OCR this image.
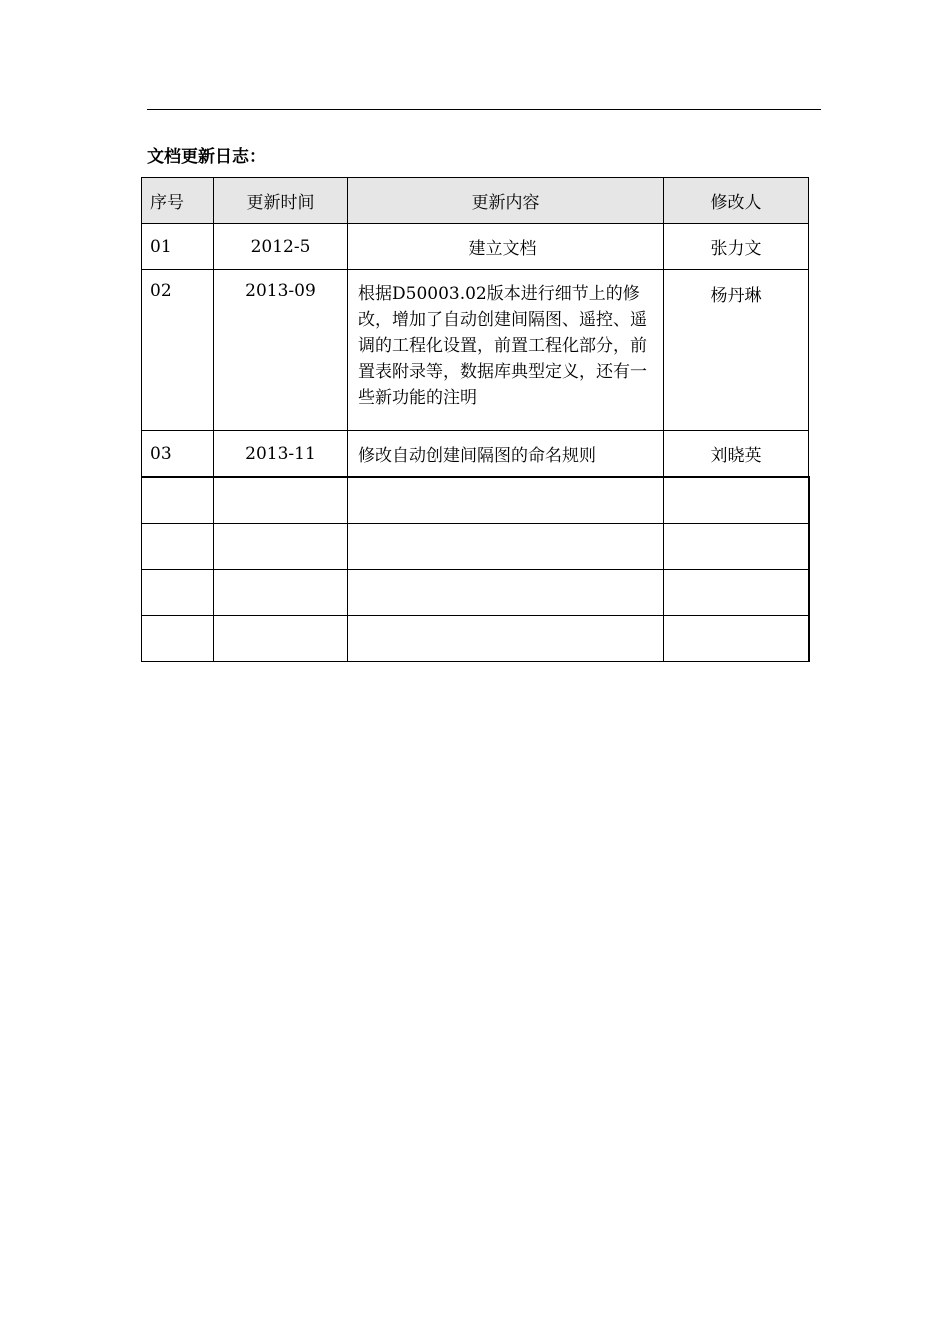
文档更新日志：
序号	更新时间	更新内容	修改人
01	2012-5	建立文档	张力文
02	2013-09	根据D50003.02版本进行细节上的修改，增加了自动创建间隔图、遥控、遥调的工程化设置，前置工程化部分，前置表附录等，数据库典型定义，还有一些新功能的注明	杨丹琳
03	2013-11	修改自动创建间隔图的命名规则	刘晓英
